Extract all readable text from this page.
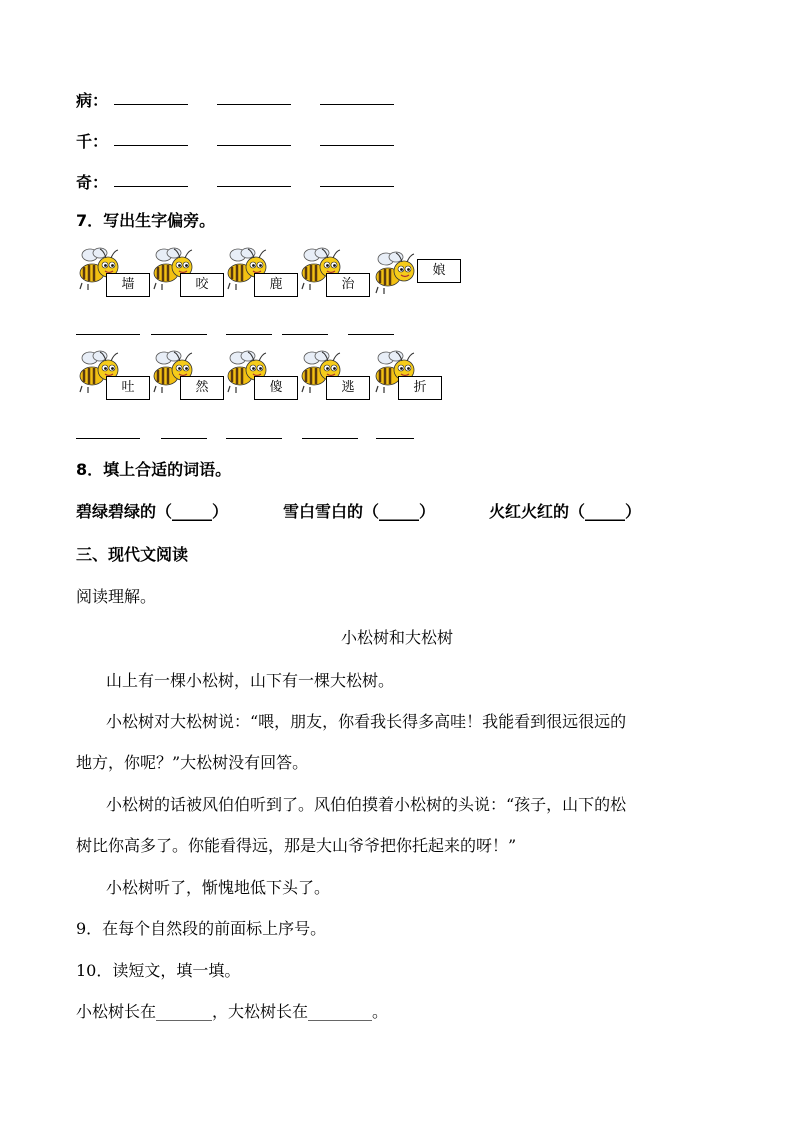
病：
千：
奇：
7．写出生字偏旁。
墙	咬	鹿	治
娘
吐	然	傻	逃	折
8．填上合适的词语。
碧绿碧绿的（_____）	雪白雪白的（_____）	火红火红的（_____）
三、现代文阅读
阅读理解。
小松树和大松树
山上有一棵小松树，山下有一棵大松树。
小松树对大松树说：“喂，朋友，你看我长得多高哇！我能看到很远很远的
地方，你呢？”大松树没有回答。
小松树的话被风伯伯听到了。风伯伯摸着小松树的头说：“孩子，山下的松
树比你高多了。你能看得远，那是大山爷爷把你托起来的呀！”
小松树听了，惭愧地低下头了。
9．在每个自然段的前面标上序号。
10．读短文，填一填。
小松树长在_______，大松树长在________。
